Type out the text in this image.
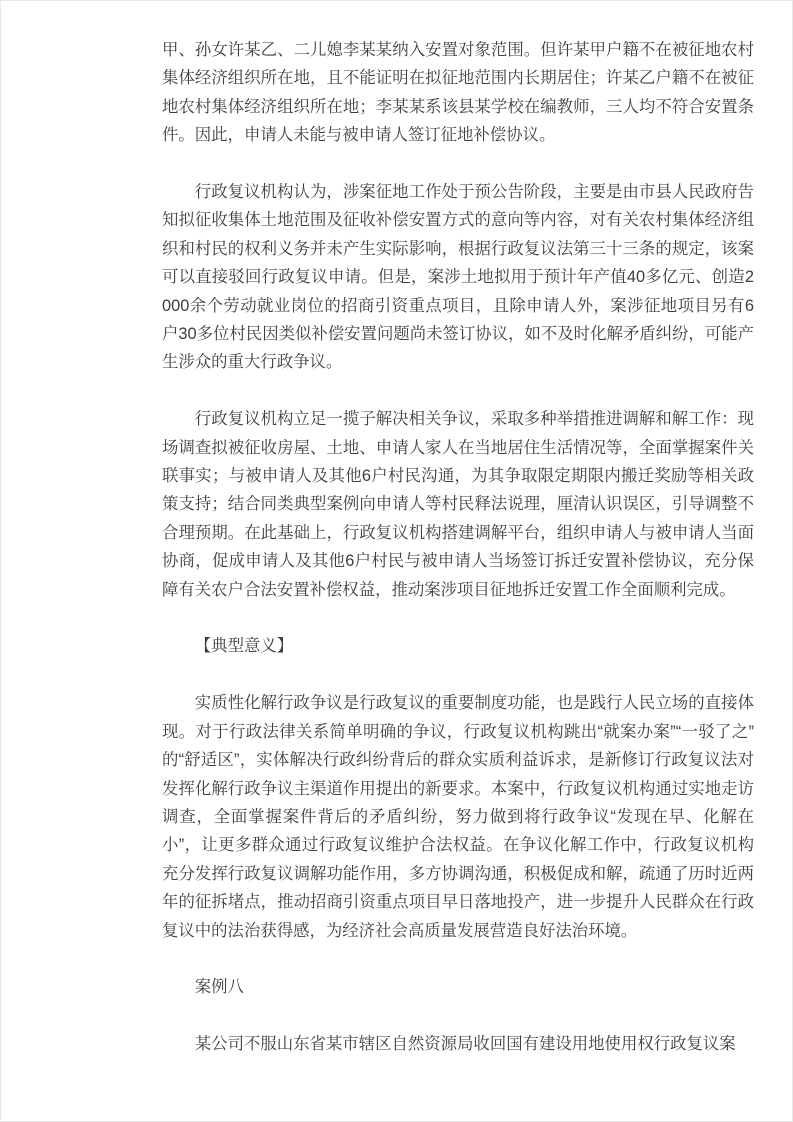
甲、孙女许某乙、二儿媳李某某纳入安置对象范围。但许某甲户籍不在被征地农村集体经济组织所在地，且不能证明在拟征地范围内长期居住；许某乙户籍不在被征地农村集体经济组织所在地；李某某系该县某学校在编教师，三人均不符合安置条件。因此，申请人未能与被申请人签订征地补偿协议。

行政复议机构认为，涉案征地工作处于预公告阶段，主要是由市县人民政府告知拟征收集体土地范围及征收补偿安置方式的意向等内容，对有关农村集体经济组织和村民的权利义务并未产生实际影响，根据行政复议法第三十三条的规定，该案可以直接驳回行政复议申请。但是，案涉土地拟用于预计年产值40多亿元、创造2000余个劳动就业岗位的招商引资重点项目，且除申请人外，案涉征地项目另有6户30多位村民因类似补偿安置问题尚未签订协议，如不及时化解矛盾纠纷，可能产生涉众的重大行政争议。

行政复议机构立足一揽子解决相关争议，采取多种举措推进调解和解工作：现场调查拟被征收房屋、土地、申请人家人在当地居住生活情况等，全面掌握案件关联事实；与被申请人及其他6户村民沟通，为其争取限定期限内搬迁奖励等相关政策支持；结合同类典型案例向申请人等村民释法说理，厘清认识误区，引导调整不合理预期。在此基础上，行政复议机构搭建调解平台，组织申请人与被申请人当面协商，促成申请人及其他6户村民与被申请人当场签订拆迁安置补偿协议，充分保障有关农户合法安置补偿权益，推动案涉项目征地拆迁安置工作全面顺利完成。

【典型意义】

实质性化解行政争议是行政复议的重要制度功能，也是践行人民立场的直接体现。对于行政法律关系简单明确的争议，行政复议机构跳出“就案办案”“一驳了之”的“舒适区”，实体解决行政纠纷背后的群众实质利益诉求，是新修订行政复议法对发挥化解行政争议主渠道作用提出的新要求。本案中，行政复议机构通过实地走访调查，全面掌握案件背后的矛盾纠纷，努力做到将行政争议“发现在早、化解在小”，让更多群众通过行政复议维护合法权益。在争议化解工作中，行政复议机构充分发挥行政复议调解功能作用，多方协调沟通，积极促成和解，疏通了历时近两年的征拆堵点，推动招商引资重点项目早日落地投产，进一步提升人民群众在行政复议中的法治获得感，为经济社会高质量发展营造良好法治环境。

案例八

某公司不服山东省某市辖区自然资源局收回国有建设用地使用权行政复议案
